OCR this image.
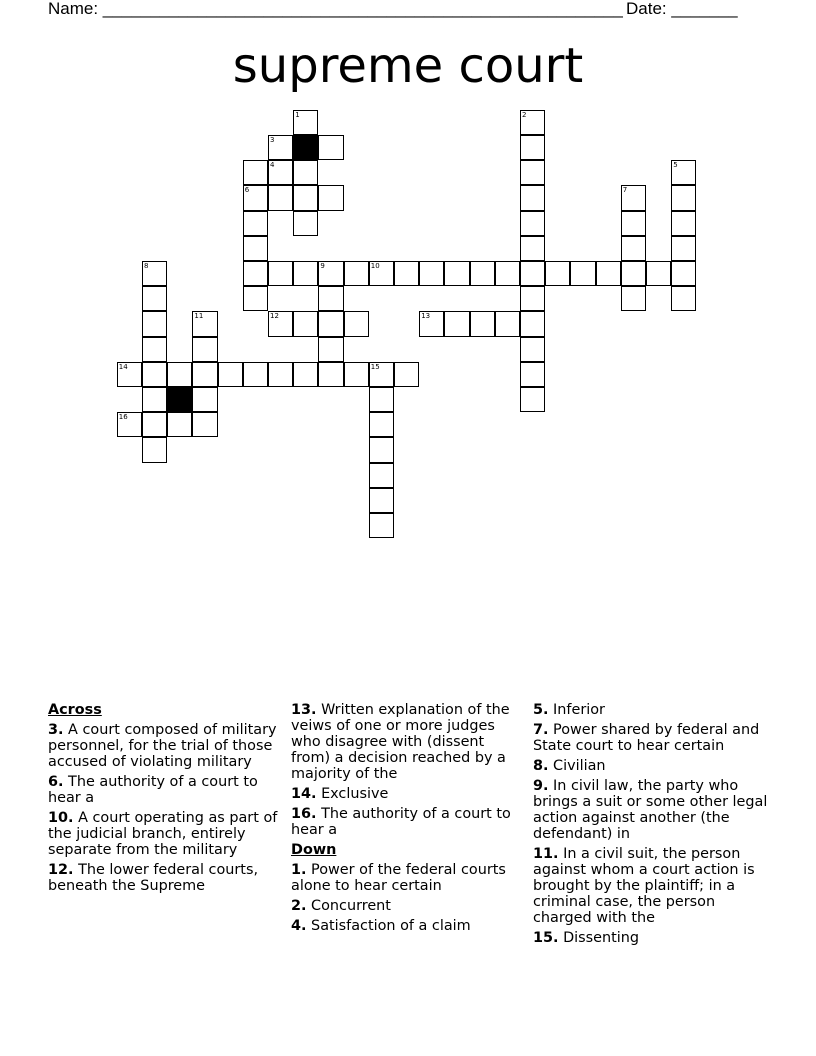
Name: _______________________________________________________ Date: _______
supreme court
1
3
4
6
2
5
7
9	10
8
12	13
11
14	15
16
Across
3. A court composed of military personnel, for the trial of those accused of violating military
6. The authority of a court to hear a
10. A court operating as part of the judicial branch, entirely separate from the military
12. The lower federal courts, beneath the Supreme
13. Written explanation of the veiws of one or more judges who disagree with (dissent from) a decision reached by a majority of the
14. Exclusive
16. The authority of a court to hear a
Down
1. Power of the federal courts alone to hear certain
2. Concurrent
4. Satisfaction of a claim
5. Inferior
7. Power shared by federal and State court to hear certain
8. Civilian
9. In civil law, the party who brings a suit or some other legal action against another (the defendant) in
11. In a civil suit, the person against whom a court action is brought by the plaintiff; in a criminal case, the person charged with the
15. Dissenting
